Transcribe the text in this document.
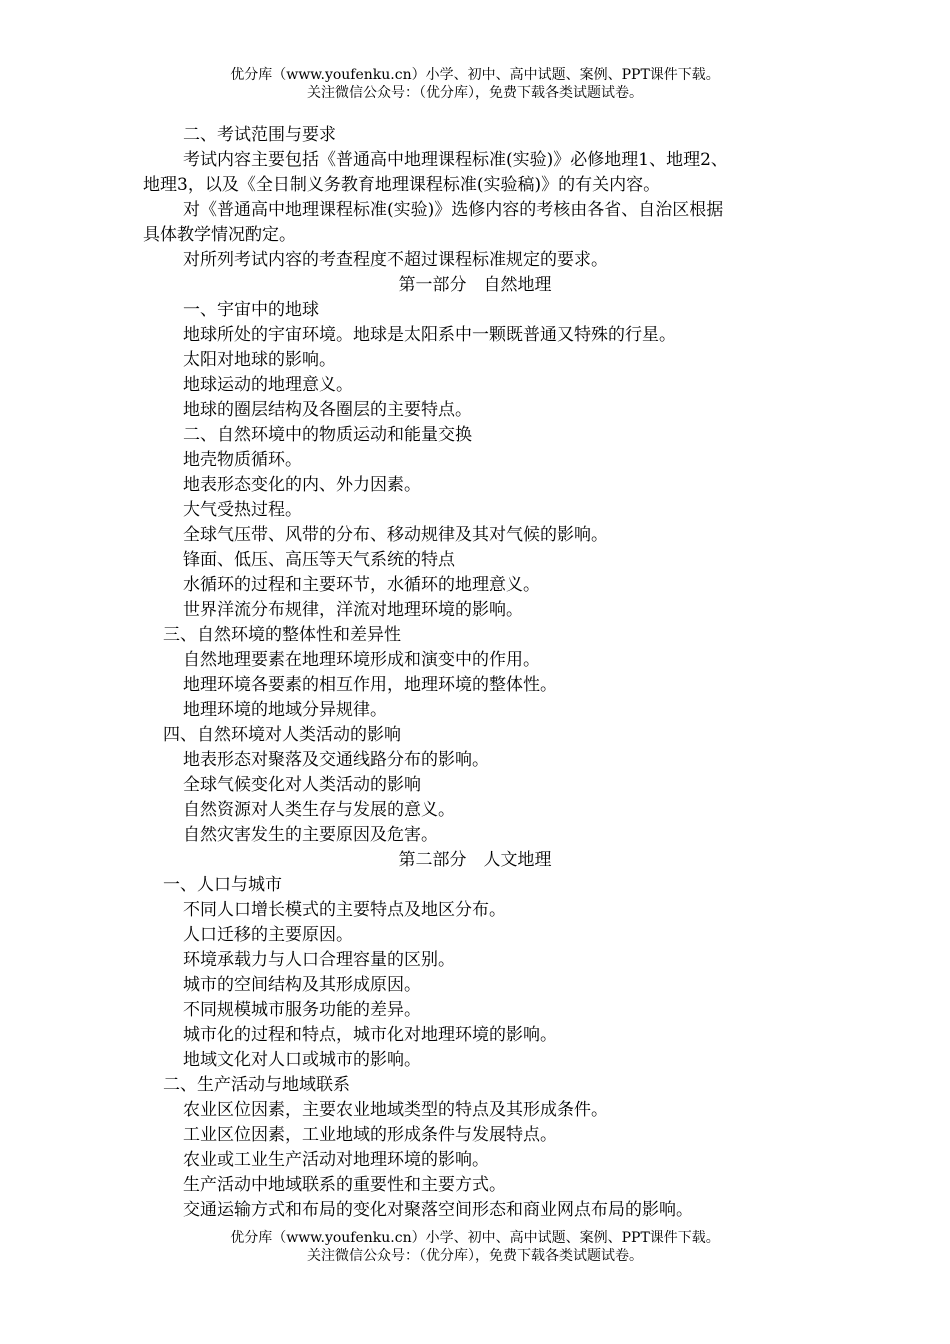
优分库（www.youfenku.cn）小学、初中、高中试题、案例、PPT课件下载。
关注微信公众号：（优分库），免费下载各类试题试卷。
二、考试范围与要求
考试内容主要包括《普通高中地理课程标准(实验)》必修地理1、地理2、
地理3，以及《全日制义务教育地理课程标准(实验稿)》的有关内容。
对《普通高中地理课程标准(实验)》选修内容的考核由各省、自治区根据
具体教学情况酌定。
对所列考试内容的考查程度不超过课程标准规定的要求。
第一部分　自然地理
一、宇宙中的地球
地球所处的宇宙环境。地球是太阳系中一颗既普通又特殊的行星。
太阳对地球的影响。
地球运动的地理意义。
地球的圈层结构及各圈层的主要特点。
二、自然环境中的物质运动和能量交换
地壳物质循环。
地表形态变化的内、外力因素。
大气受热过程。
全球气压带、风带的分布、移动规律及其对气候的影响。
锋面、低压、高压等天气系统的特点
水循环的过程和主要环节，水循环的地理意义。
世界洋流分布规律，洋流对地理环境的影响。
三、自然环境的整体性和差异性
自然地理要素在地理环境形成和演变中的作用。
地理环境各要素的相互作用，地理环境的整体性。
地理环境的地域分异规律。
四、自然环境对人类活动的影响
地表形态对聚落及交通线路分布的影响。
全球气候变化对人类活动的影响
自然资源对人类生存与发展的意义。
自然灾害发生的主要原因及危害。
第二部分　人文地理
一、人口与城市
不同人口增长模式的主要特点及地区分布。
人口迁移的主要原因。
环境承载力与人口合理容量的区别。
城市的空间结构及其形成原因。
不同规模城市服务功能的差异。
城市化的过程和特点，城市化对地理环境的影响。
地域文化对人口或城市的影响。
二、生产活动与地域联系
农业区位因素，主要农业地域类型的特点及其形成条件。
工业区位因素，工业地域的形成条件与发展特点。
农业或工业生产活动对地理环境的影响。
生产活动中地域联系的重要性和主要方式。
交通运输方式和布局的变化对聚落空间形态和商业网点布局的影响。
优分库（www.youfenku.cn）小学、初中、高中试题、案例、PPT课件下载。
关注微信公众号：（优分库），免费下载各类试题试卷。
